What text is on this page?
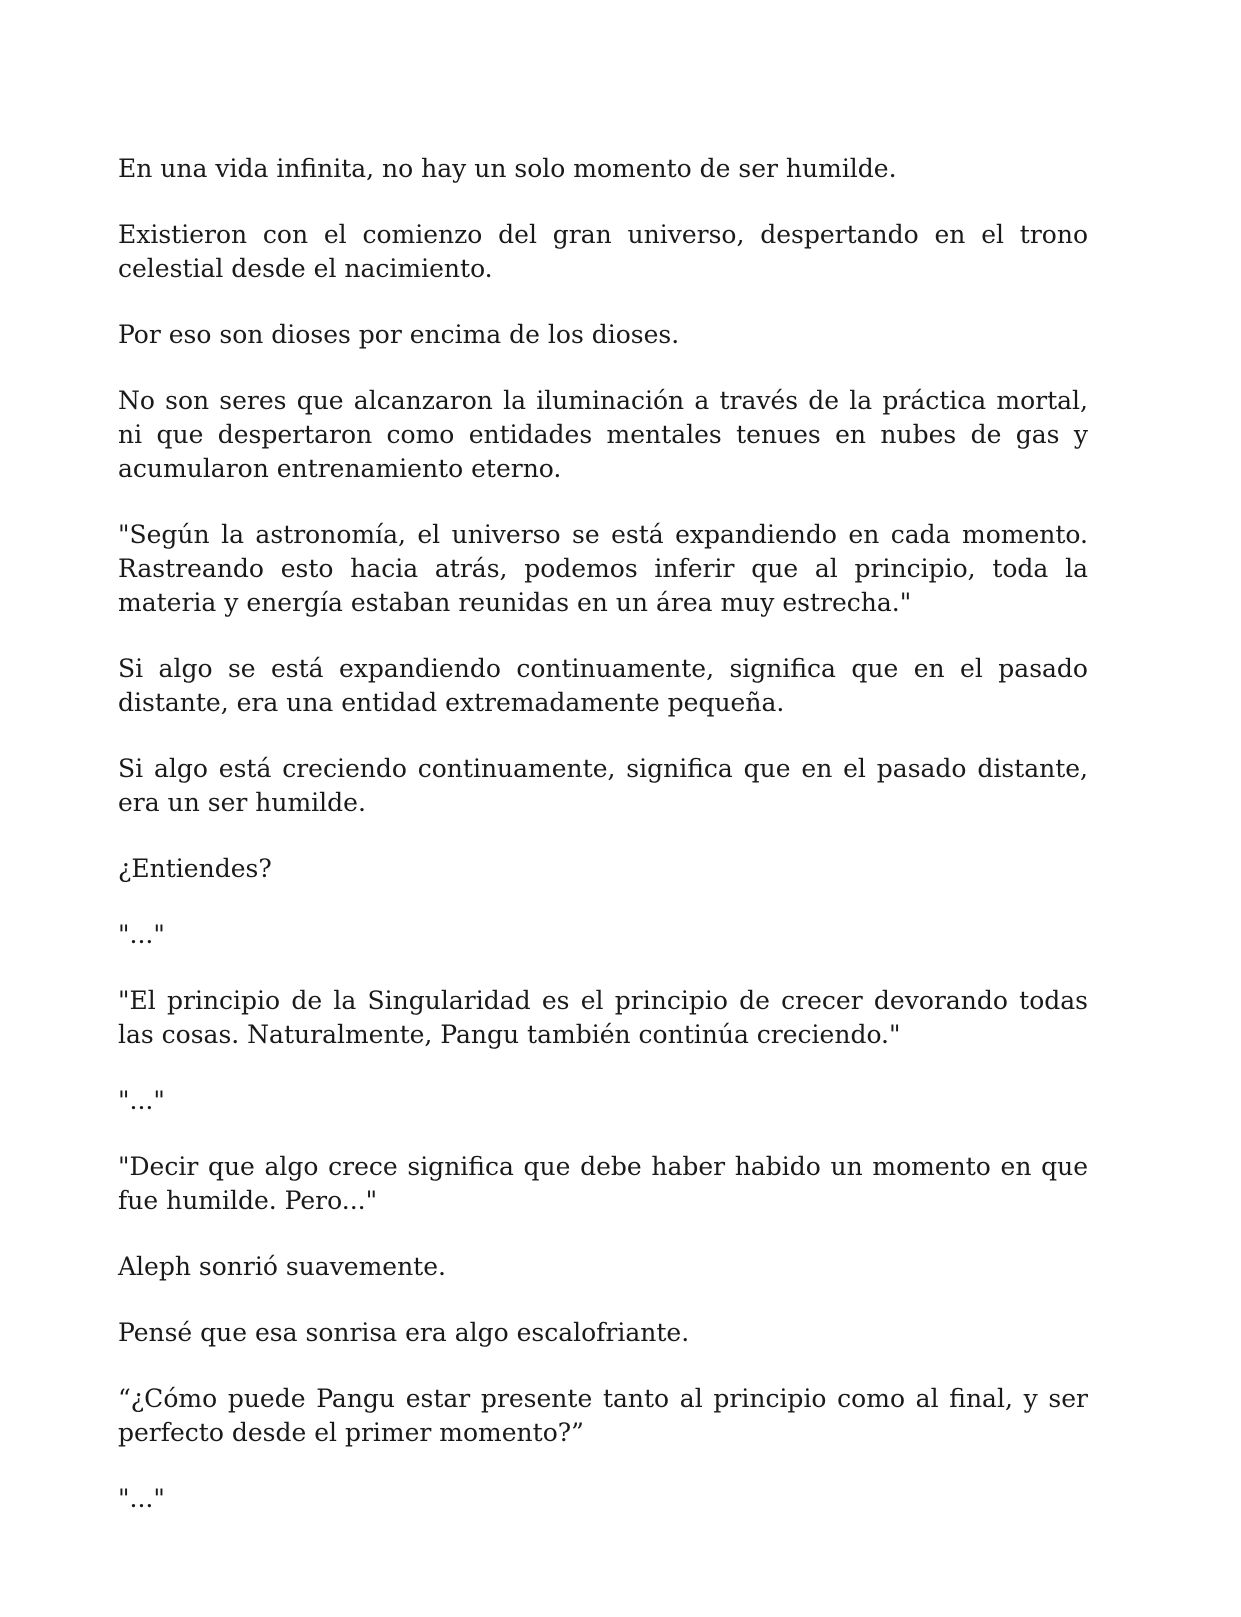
En una vida infinita, no hay un solo momento de ser humilde.

Existieron con el comienzo del gran universo, despertando en el trono celestial desde el nacimiento.

Por eso son dioses por encima de los dioses.

No son seres que alcanzaron la iluminación a través de la práctica mortal, ni que despertaron como entidades mentales tenues en nubes de gas y acumularon entrenamiento eterno.

"Según la astronomía, el universo se está expandiendo en cada momento. Rastreando esto hacia atrás, podemos inferir que al principio, toda la materia y energía estaban reunidas en un área muy estrecha."

Si algo se está expandiendo continuamente, significa que en el pasado distante, era una entidad extremadamente pequeña.

Si algo está creciendo continuamente, significa que en el pasado distante, era un ser humilde.

¿Entiendes?

"..."

"El principio de la Singularidad es el principio de crecer devorando todas las cosas. Naturalmente, Pangu también continúa creciendo."

"..."

"Decir que algo crece significa que debe haber habido un momento en que fue humilde. Pero..."

Aleph sonrió suavemente.

Pensé que esa sonrisa era algo escalofriante.

“¿Cómo puede Pangu estar presente tanto al principio como al final, y ser perfecto desde el primer momento?”

"..."
